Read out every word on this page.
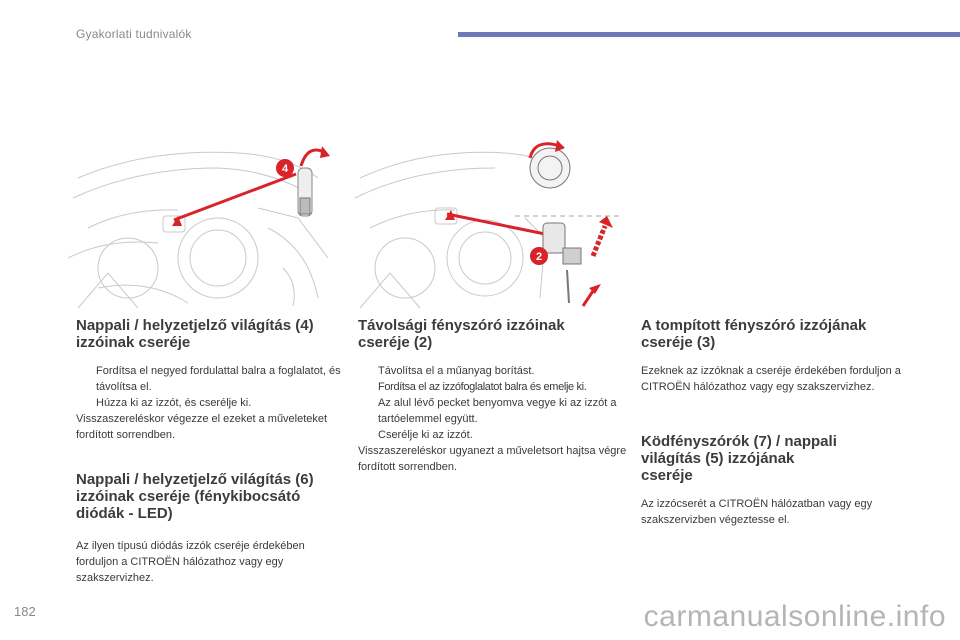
Gyakorlati tudnivalók
4
2
Nappali / helyzetjelző világítás (4)
izzóinak cseréje
Fordítsa el negyed fordulattal balra a foglalatot, és távolítsa el.
Húzza ki az izzót, és cserélje ki.

Visszaszereléskor végezze el ezeket a műveleteket fordított sorrendben.

Nappali / helyzetjelző világítás (6)
izzóinak cseréje (fénykibocsátó
diódák - LED)

Az ilyen típusú diódás izzók cseréje érdekében forduljon a CITROËN hálózathoz vagy egy szakszervizhez.

Távolsági fényszóró izzóinak
cseréje (2)
Távolítsa el a műanyag borítást.
Fordítsa el az izzófoglalatot balra és emelje ki.
Az alul lévő pecket benyomva vegye ki az izzót a tartóelemmel együtt.
Cserélje ki az izzót.

Visszaszereléskor ugyanezt a műveletsort hajtsa végre fordított sorrendben.

A tompított fényszóró izzójának
cseréje (3)

Ezeknek az izzóknak a cseréje érdekében forduljon a CITROËN hálózathoz vagy egy szakszervizhez.

Ködfényszórók (7) / nappali
világítás (5) izzójának
cseréje

Az izzócserét a CITROËN hálózatban vagy egy szakszervizben végeztesse el.

182	carmanualsonline.info
